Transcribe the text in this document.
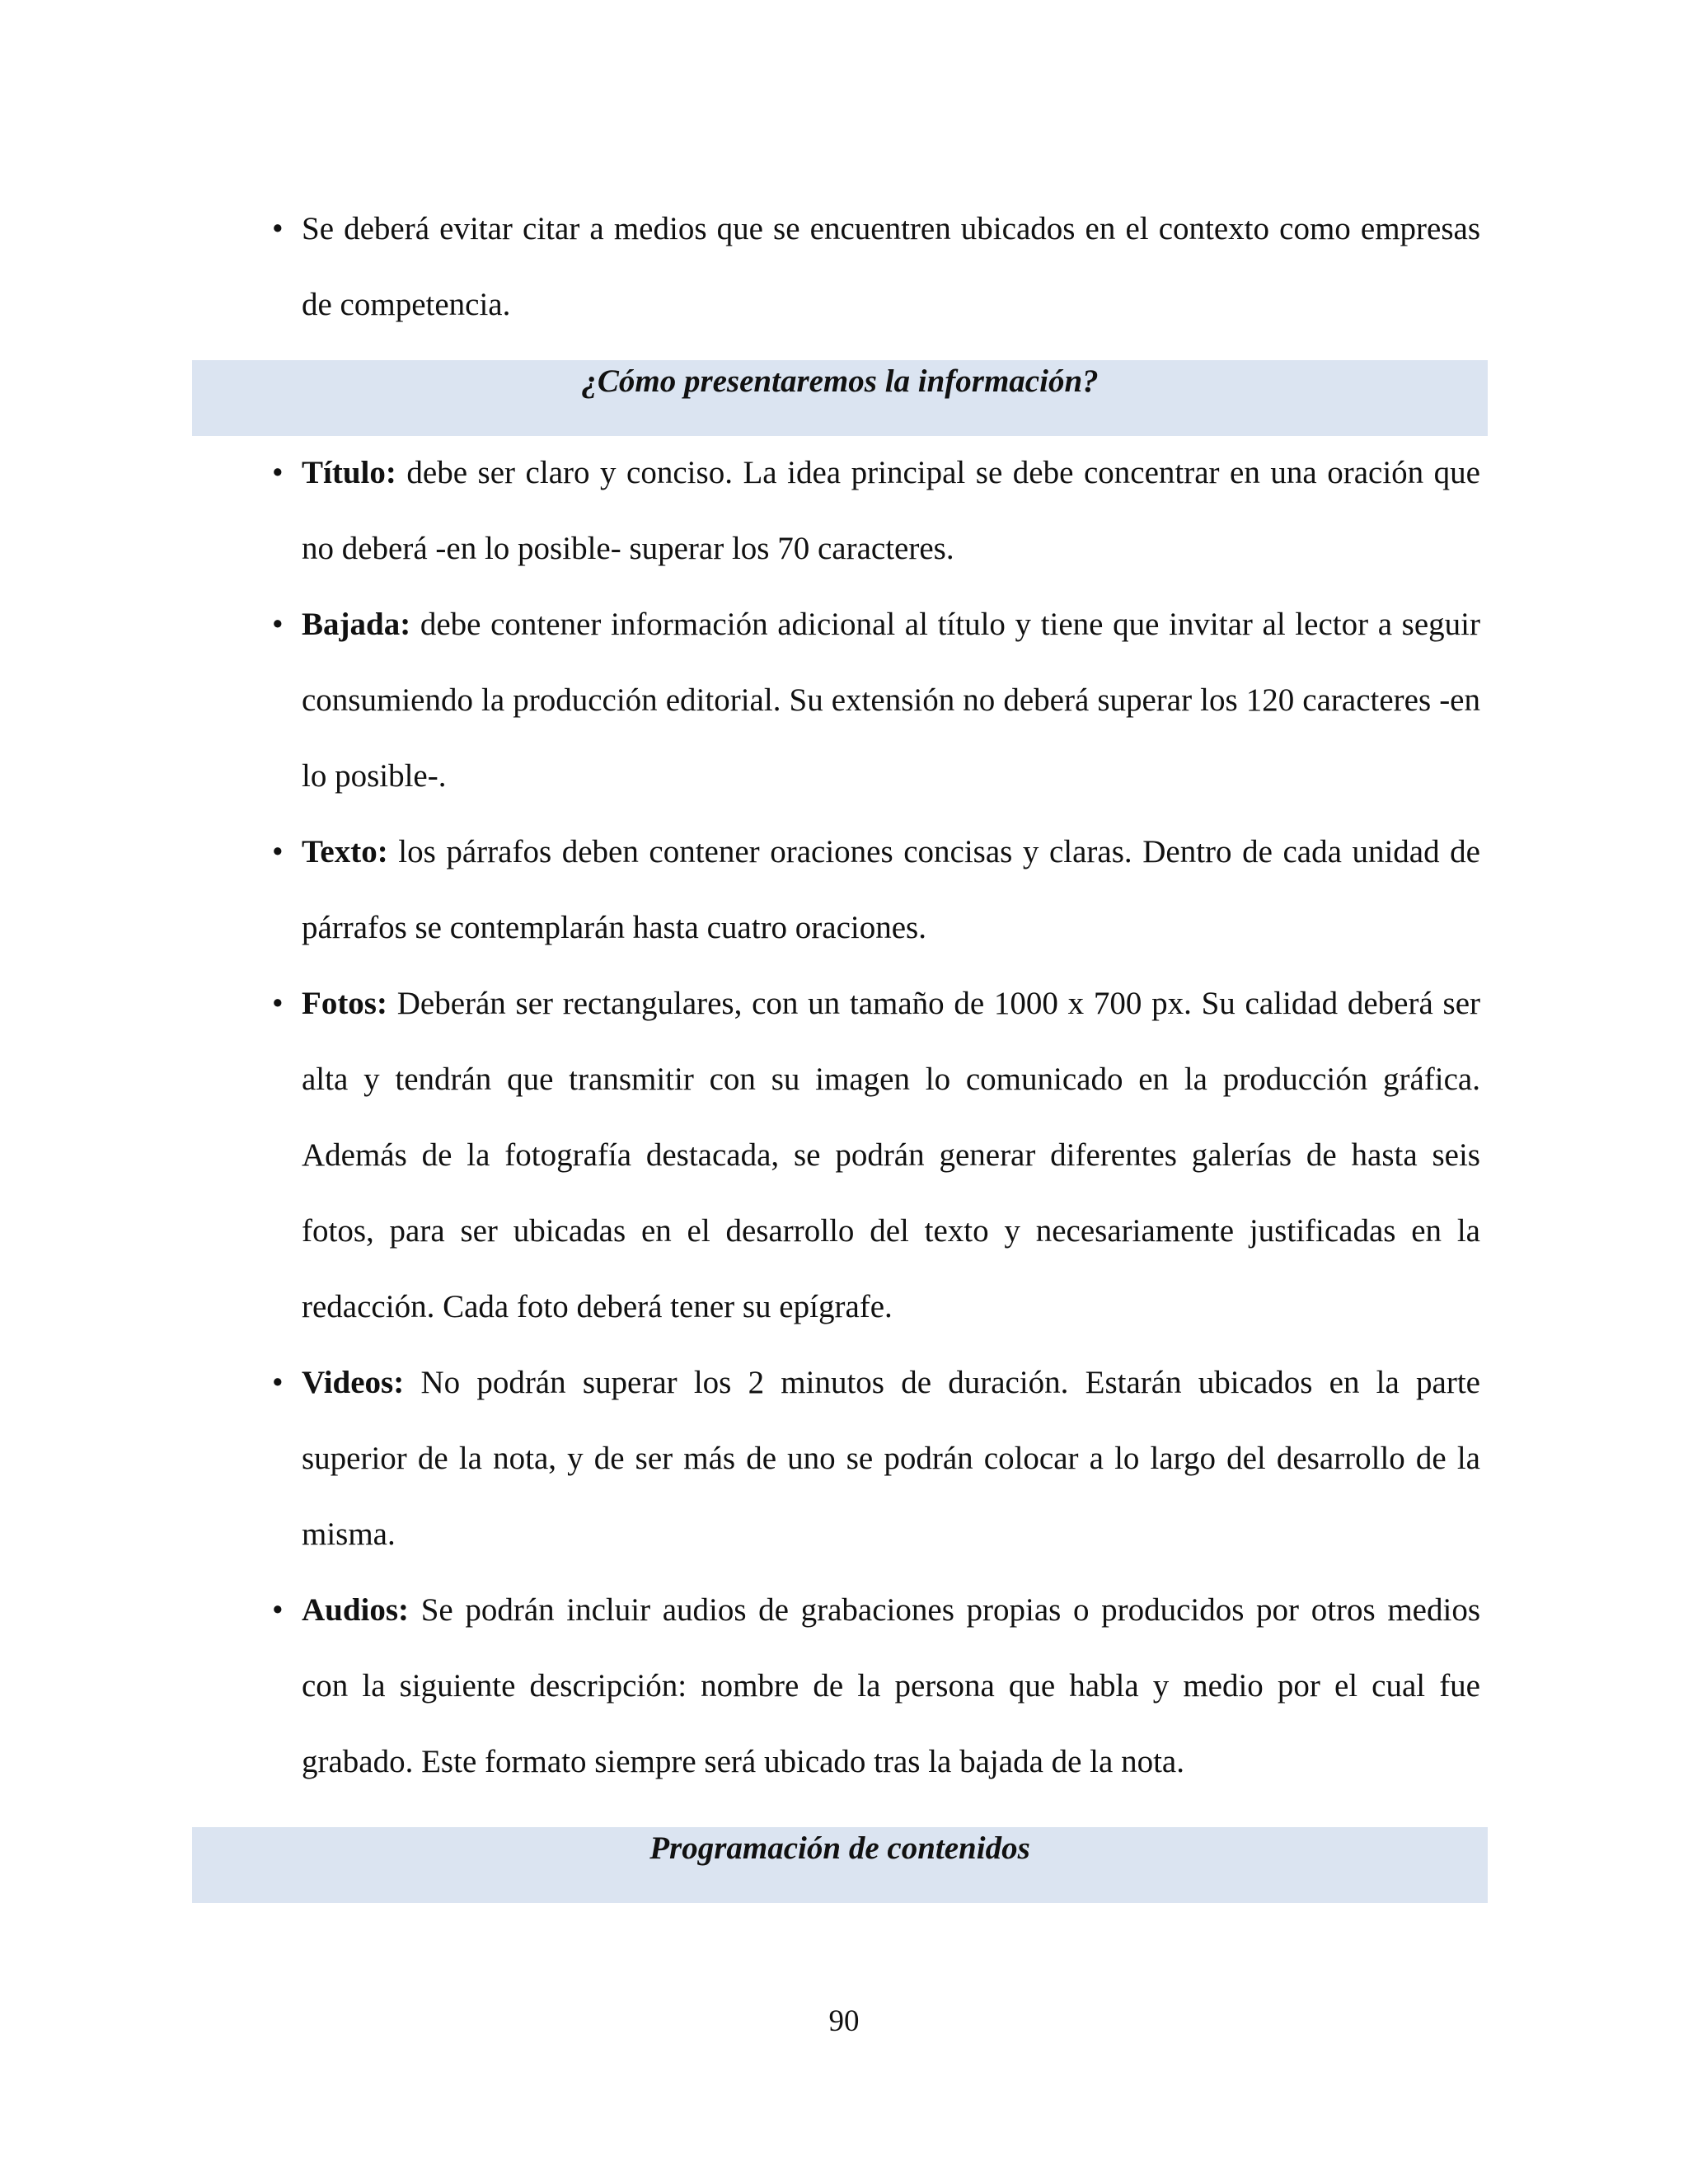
• Se deberá evitar citar a medios que se encuentren ubicados en el contexto como empresas de competencia.
¿Cómo presentaremos la información?
• Título: debe ser claro y conciso. La idea principal se debe concentrar en una oración que no deberá -en lo posible- superar los 70 caracteres.
• Bajada: debe contener información adicional al título y tiene que invitar al lector a seguir consumiendo la producción editorial. Su extensión no deberá superar los 120 caracteres -en lo posible-.
• Texto: los párrafos deben contener oraciones concisas y claras. Dentro de cada unidad de párrafos se contemplarán hasta cuatro oraciones.
• Fotos: Deberán ser rectangulares, con un tamaño de 1000 x 700 px. Su calidad deberá ser alta y tendrán que transmitir con su imagen lo comunicado en la producción gráfica. Además de la fotografía destacada, se podrán generar diferentes galerías de hasta seis fotos, para ser ubicadas en el desarrollo del texto y necesariamente justificadas en la redacción. Cada foto deberá tener su epígrafe.
• Videos: No podrán superar los 2 minutos de duración. Estarán ubicados en la parte superior de la nota, y de ser más de uno se podrán colocar a lo largo del desarrollo de la misma.
• Audios: Se podrán incluir audios de grabaciones propias o producidos por otros medios con la siguiente descripción: nombre de la persona que habla y medio por el cual fue grabado. Este formato siempre será ubicado tras la bajada de la nota.
Programación de contenidos
90
